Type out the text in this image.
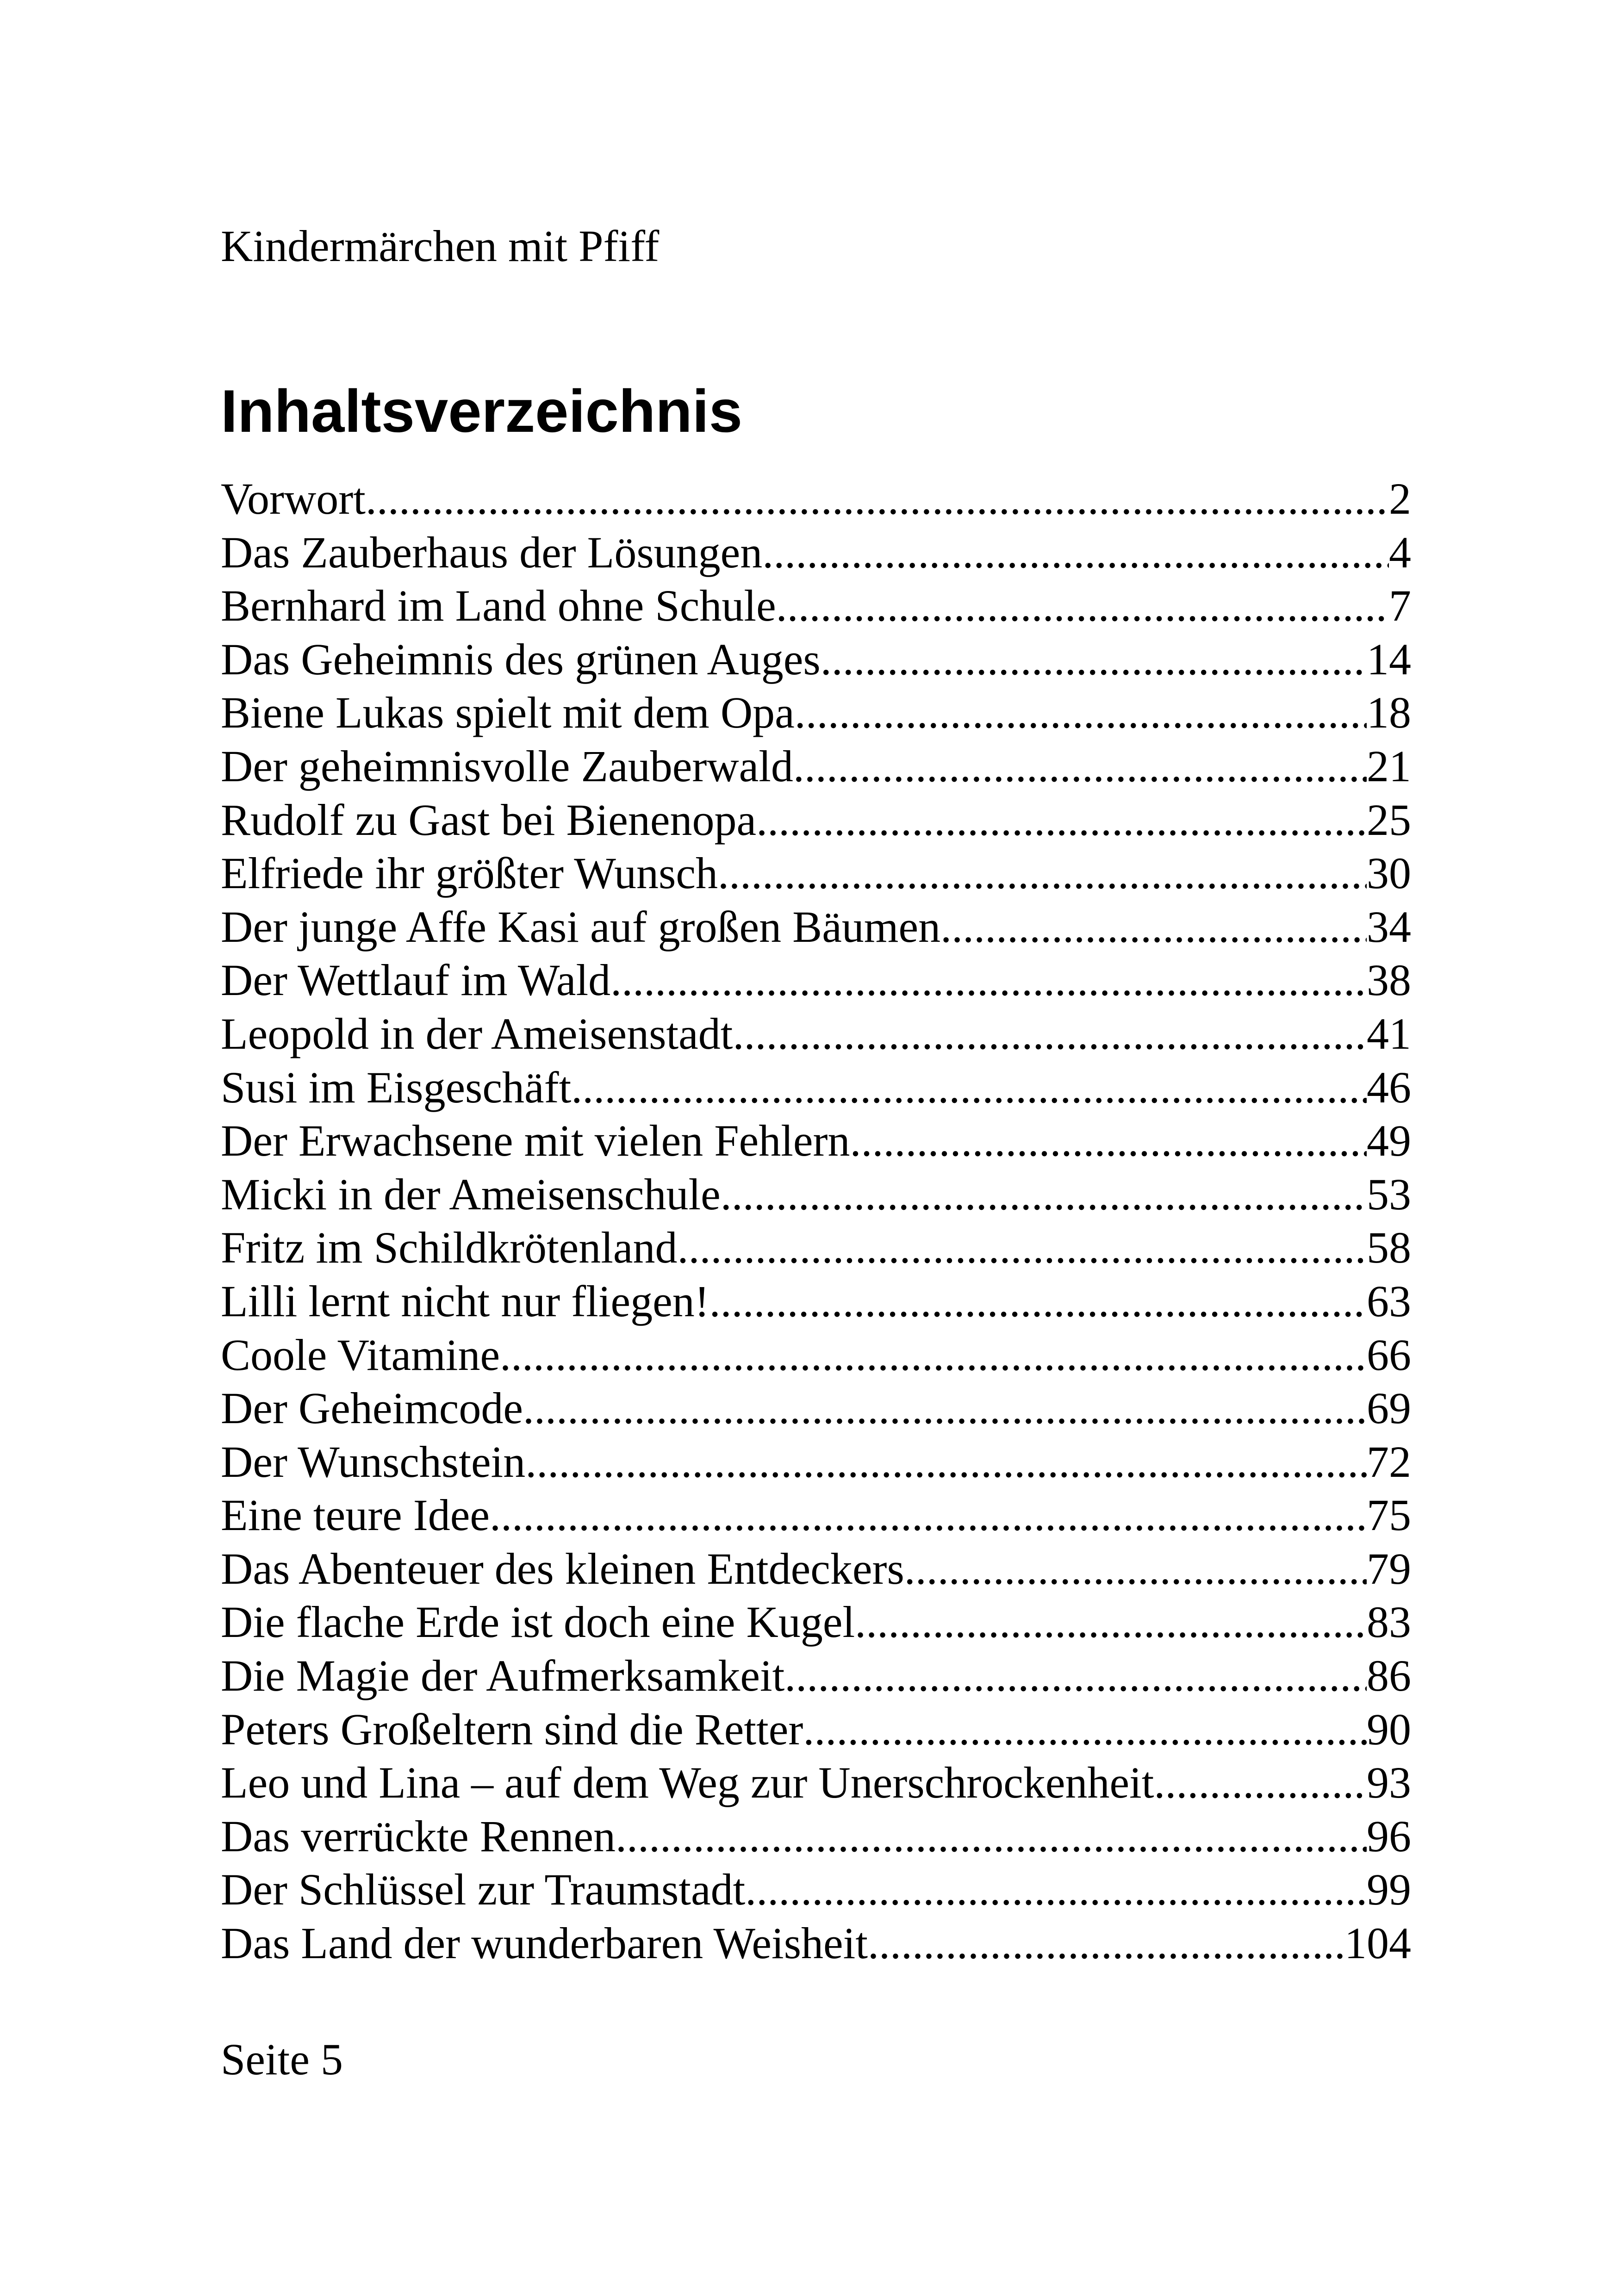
Kindermärchen mit Pfiff
Inhaltsverzeichnis
Vorwort .....	2
Das Zauberhaus der Lösungen .....	4
Bernhard im Land ohne Schule .....	7
Das Geheimnis des grünen Auges .....	14
Biene Lukas spielt mit dem Opa .....	18
Der geheimnisvolle Zauberwald .....	21
Rudolf zu Gast bei Bienenopa .....	25
Elfriede ihr größter Wunsch .....	30
Der junge Affe Kasi auf großen Bäumen .....	34
Der Wettlauf im Wald .....	38
Leopold in der Ameisenstadt .....	41
Susi im Eisgeschäft .....	46
Der Erwachsene mit vielen Fehlern .....	49
Micki in der Ameisenschule .....	53
Fritz im Schildkrötenland .....	58
Lilli lernt nicht nur fliegen! .....	63
Coole Vitamine .....	66
Der Geheimcode .....	69
Der Wunschstein .....	72
Eine teure Idee .....	75
Das Abenteuer des kleinen Entdeckers .....	79
Die flache Erde ist doch eine Kugel .....	83
Die Magie der Aufmerksamkeit .....	86
Peters Großeltern sind die Retter .....	90
Leo und Lina – auf dem Weg zur Unerschrockenheit .....	93
Das verrückte Rennen .....	96
Der Schlüssel zur Traumstadt .....	99
Das Land der wunderbaren Weisheit .....	104
Seite 5
